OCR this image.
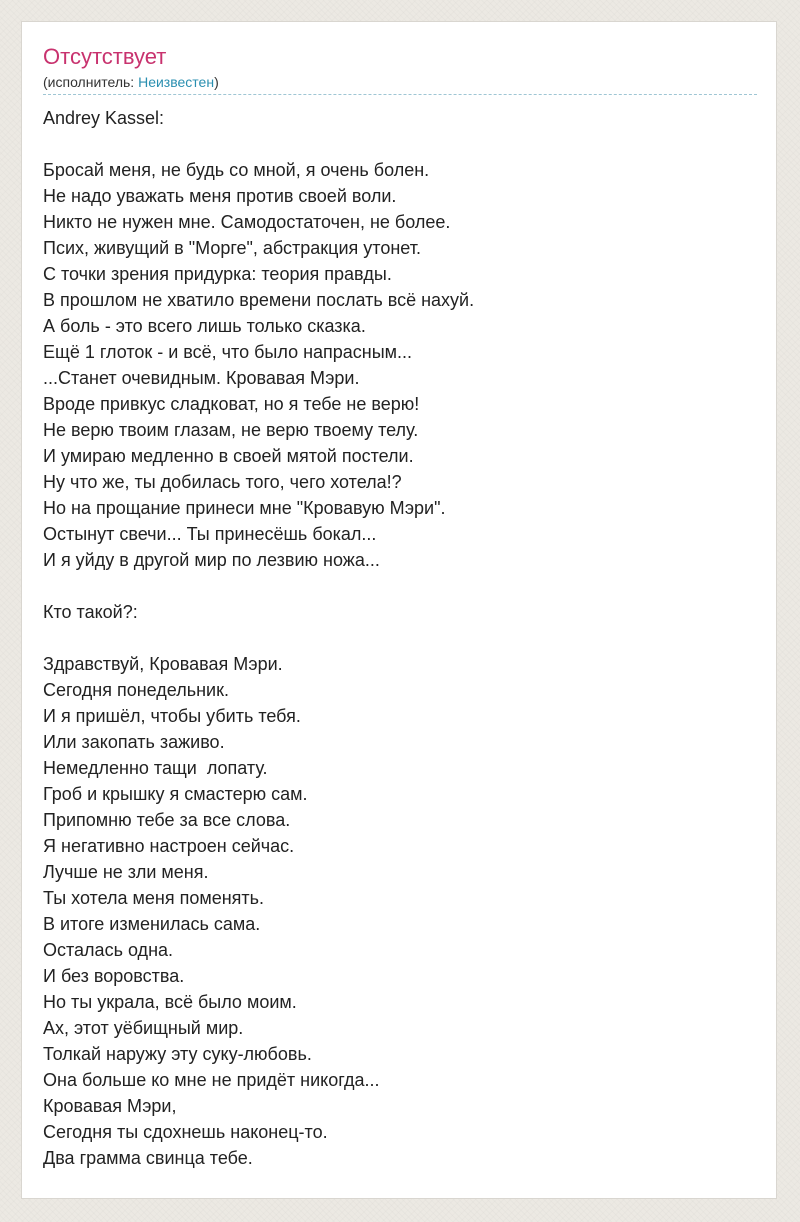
Отсутствует
(исполнитель: Неизвестен)
Andrey Kassel:
Бросай меня, не будь со мной, я очень болен.
Не надо уважать меня против своей воли.
Никто не нужен мне. Самодостаточен, не более.
Псих, живущий в "Морге", абстракция утонет.
С точки зрения придурка: теория правды.
В прошлом не хватило времени послать всё нахуй.
А боль - это всего лишь только сказка.
Ещё 1 глоток - и всё, что было напрасным...
...Станет очевидным. Кровавая Мэри.
Вроде привкус сладковат, но я тебе не верю!
Не верю твоим глазам, не верю твоему телу.
И умираю медленно в своей мятой постели.
Ну что же, ты добилась того, чего хотела!?
Но на прощание принеси мне "Кровавую Мэри".
Остынут свечи... Ты принесёшь бокал...
И я уйду в другой мир по лезвию ножа...
Кто такой?:
Здравствуй, Кровавая Мэри.
Сегодня понедельник.
И я пришёл, чтобы убить тебя.
Или закопать заживо.
Немедленно тащи  лопату.
Гроб и крышку я смастерю сам.
Припомню тебе за все слова.
Я негативно настроен сейчас.
Лучше не зли меня.
Ты хотела меня поменять.
В итоге изменилась сама.
Осталась одна.
И без воровства.
Но ты украла, всё было моим.
Ах, этот уёбищный мир.
Толкай наружу эту суку-любовь.
Она больше ко мне не придёт никогда...
Кровавая Мэри,
Сегодня ты сдохнешь наконец-то.
Два грамма свинца тебе.
